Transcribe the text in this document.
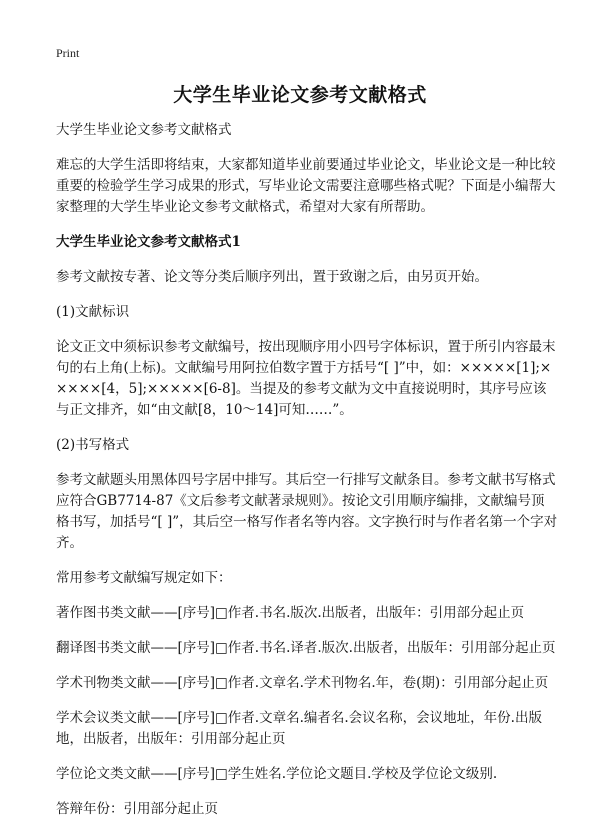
Print
大学生毕业论文参考文献格式

大学生毕业论文参考文献格式

难忘的大学生活即将结束，大家都知道毕业前要通过毕业论文，毕业论文是一种比较重要的检验学生学习成果的形式，写毕业论文需要注意哪些格式呢？下面是小编帮大家整理的大学生毕业论文参考文献格式，希望对大家有所帮助。

大学生毕业论文参考文献格式1

参考文献按专著、论文等分类后顺序列出，置于致谢之后，由另页开始。

(1)文献标识

论文正文中须标识参考文献编号，按出现顺序用小四号字体标识，置于所引内容最末句的右上角(上标)。文献编号用阿拉伯数字置于方括号“[ ]”中，如：×××××[1];×××××[4，5];×××××[6-8]。当提及的参考文献为文中直接说明时，其序号应该与正文排齐，如“由文献[8，10～14]可知……”。

(2)书写格式

参考文献题头用黑体四号字居中排写。其后空一行排写文献条目。参考文献书写格式应符合GB7714-87《文后参考文献著录规则》。按论文引用顺序编排，文献编号顶格书写，加括号“[ ]”，其后空一格写作者名等内容。文字换行时与作者名第一个字对齐。

常用参考文献编写规定如下：

著作图书类文献——[序号]□作者.书名.版次.出版者，出版年：引用部分起止页

翻译图书类文献——[序号]□作者.书名.译者.版次.出版者，出版年：引用部分起止页

学术刊物类文献——[序号]□作者.文章名.学术刊物名.年，卷(期)：引用部分起止页

学术会议类文献——[序号]□作者.文章名.编者名.会议名称，会议地址，年份.出版地，出版者，出版年：引用部分起止页

学位论文类文献——[序号]□学生姓名.学位论文题目.学校及学位论文级别.

答辩年份：引用部分起止页
